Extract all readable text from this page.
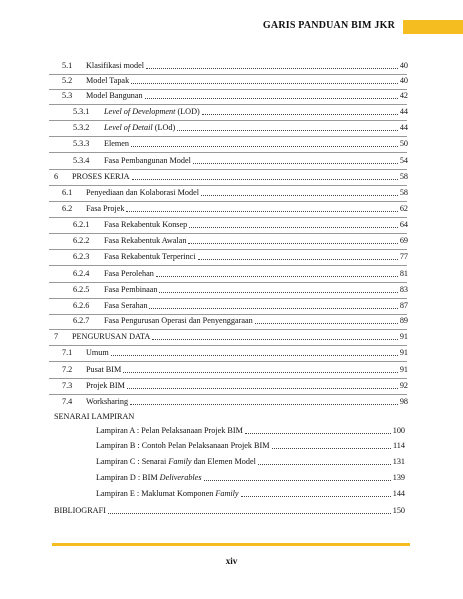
GARIS PANDUAN BIM JKR
5.1 Klasifikasi model	40
5.2 Model Tapak	40
5.3 Model Bangunan	42
5.3.1 Level of Development (LOD)	44
5.3.2 Level of Detail (LOd)	44
5.3.3 Elemen	50
5.3.4 Fasa Pembangunan Model	54
6 PROSES KERJA	58
6.1 Penyediaan dan Kolaborasi Model	58
6.2 Fasa Projek	62
6.2.1 Fasa Rekabentuk Konsep	64
6.2.2 Fasa Rekabentuk Awalan	69
6.2.3 Fasa Rekabentuk Terperinci	77
6.2.4 Fasa Perolehan	81
6.2.5 Fasa Pembinaan	83
6.2.6 Fasa Serahan	87
6.2.7 Fasa Pengurusan Operasi dan Penyenggaraan	89
7 PENGURUSAN DATA	91
7.1 Umum	91
7.2 Pusat BIM	91
7.3 Projek BIM	92
7.4 Worksharing	98
SENARAI LAMPIRAN
Lampiran A : Pelan Pelaksanaan Projek BIM	100
Lampiran B : Contoh Pelan Pelaksanaan Projek BIM	114
Lampiran C : Senarai Family dan Elemen Model	131
Lampiran D : BIM Deliverables	139
Lampiran E : Maklumat Komponen Family	144
BIBLIOGRAFI	150
xiv
